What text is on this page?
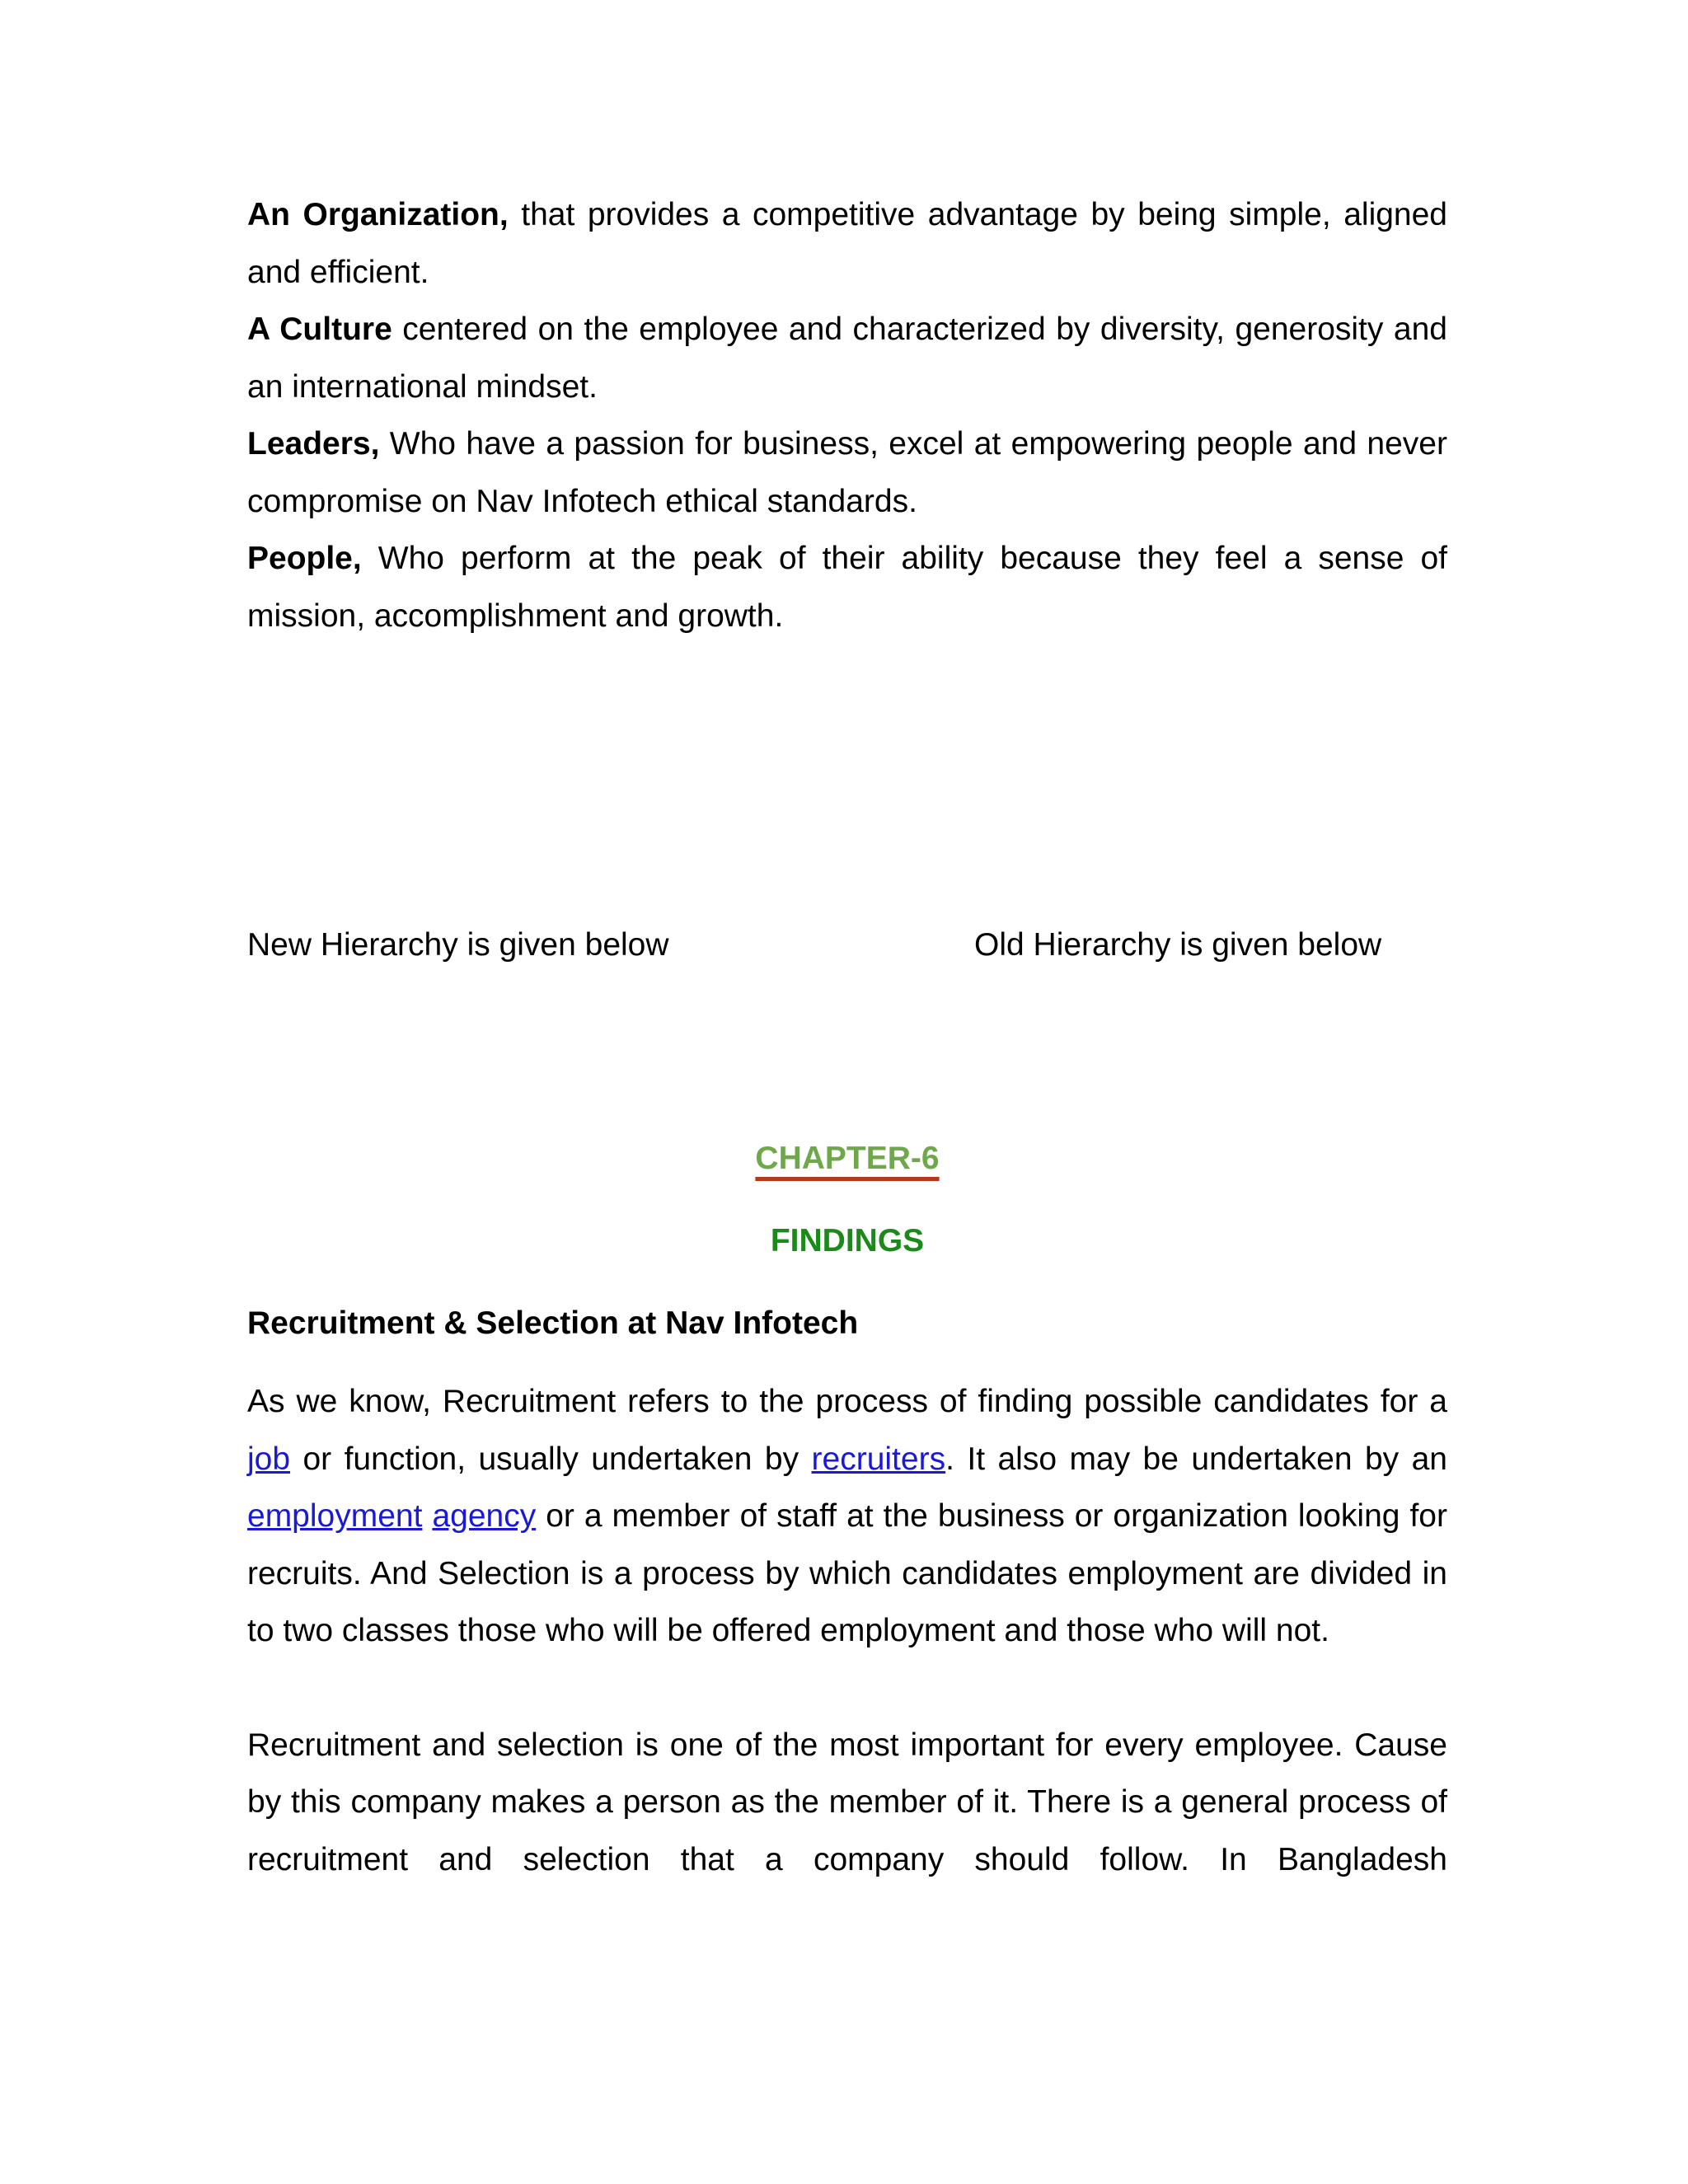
An Organization, that provides a competitive advantage by being simple, aligned and efficient.

A Culture centered on the employee and characterized by diversity, generosity and an international mindset.

Leaders, Who have a passion for business, excel at empowering people and never compromise on Nav Infotech ethical standards.

People, Who perform at the peak of their ability because they feel a sense of mission, accomplishment and growth.

New Hierarchy is given below	Old Hierarchy is given below
CHAPTER-6
FINDINGS
Recruitment & Selection at Nav Infotech

As we know, Recruitment refers to the process of finding possible candidates for a job or function, usually undertaken by recruiters. It also may be undertaken by an employment agency or a member of staff at the business or organization looking for recruits. And Selection is a process by which candidates employment are divided in to two classes those who will be offered employment and those who will not.

Recruitment and selection is one of the most important for every employee. Cause by this company makes a person as the member of it. There is a general process of recruitment and selection that a company should follow. In Bangladesh
